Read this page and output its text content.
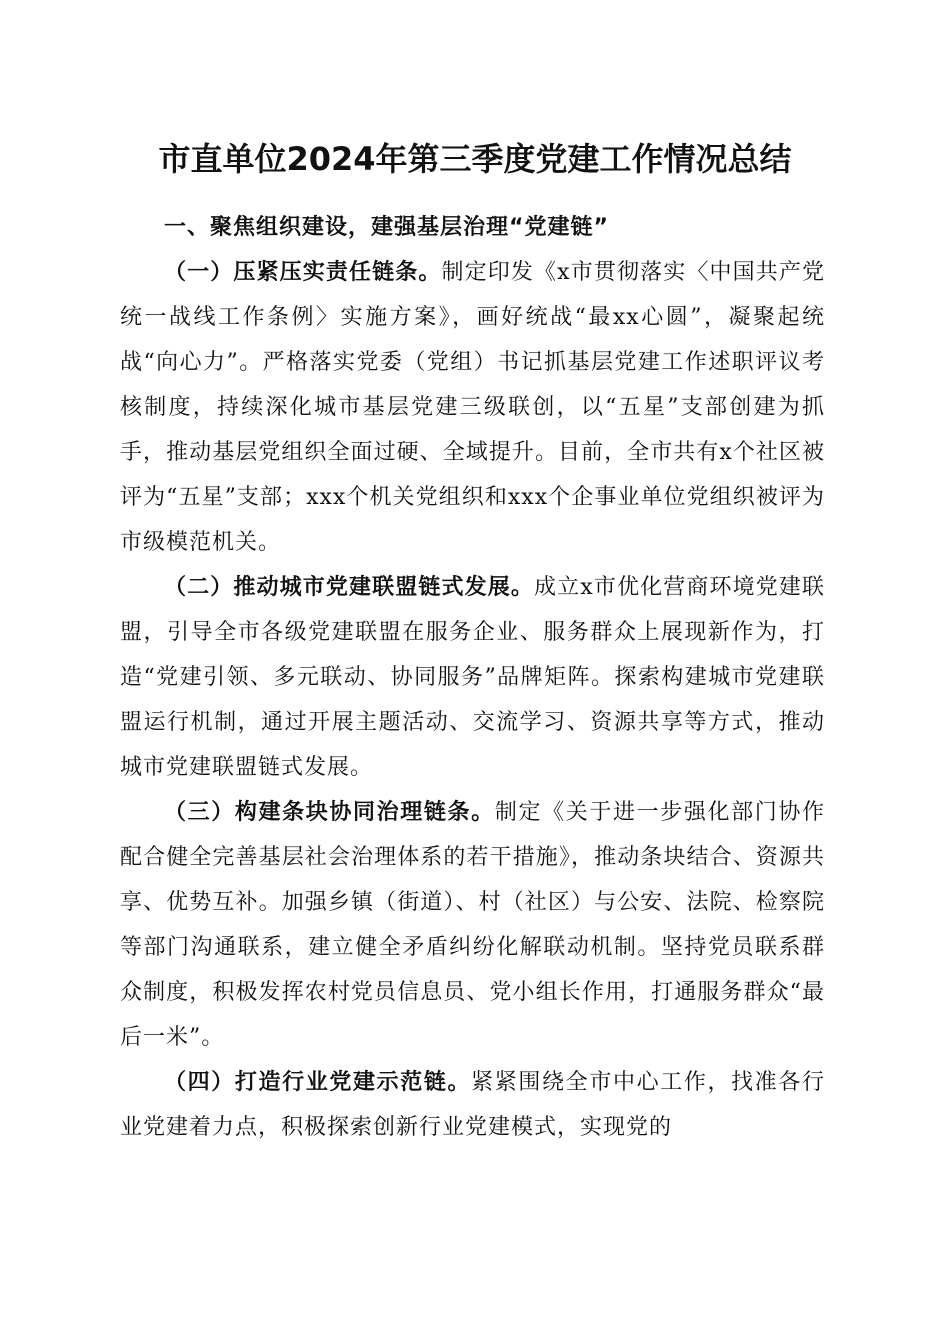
市直单位2024年第三季度党建工作情况总结

一、聚焦组织建设，建强基层治理“党建链”

（一）压紧压实责任链条。制定印发《x市贯彻落实〈中国共产党统一战线工作条例〉实施方案》，画好统战“最xx心圆”，凝聚起统战“向心力”。严格落实党委（党组）书记抓基层党建工作述职评议考核制度，持续深化城市基层党建三级联创，以“五星”支部创建为抓手，推动基层党组织全面过硬、全域提升。目前，全市共有x个社区被评为“五星”支部；xxx个机关党组织和xxx个企事业单位党组织被评为市级模范机关。

（二）推动城市党建联盟链式发展。成立x市优化营商环境党建联盟，引导全市各级党建联盟在服务企业、服务群众上展现新作为，打造“党建引领、多元联动、协同服务”品牌矩阵。探索构建城市党建联盟运行机制，通过开展主题活动、交流学习、资源共享等方式，推动城市党建联盟链式发展。

（三）构建条块协同治理链条。制定《关于进一步强化部门协作配合健全完善基层社会治理体系的若干措施》，推动条块结合、资源共享、优势互补。加强乡镇（街道）、村（社区）与公安、法院、检察院等部门沟通联系，建立健全矛盾纠纷化解联动机制。坚持党员联系群众制度，积极发挥农村党员信息员、党小组长作用，打通服务群众“最后一米”。

（四）打造行业党建示范链。紧紧围绕全市中心工作，找准各行业党建着力点，积极探索创新行业党建模式，实现党的
